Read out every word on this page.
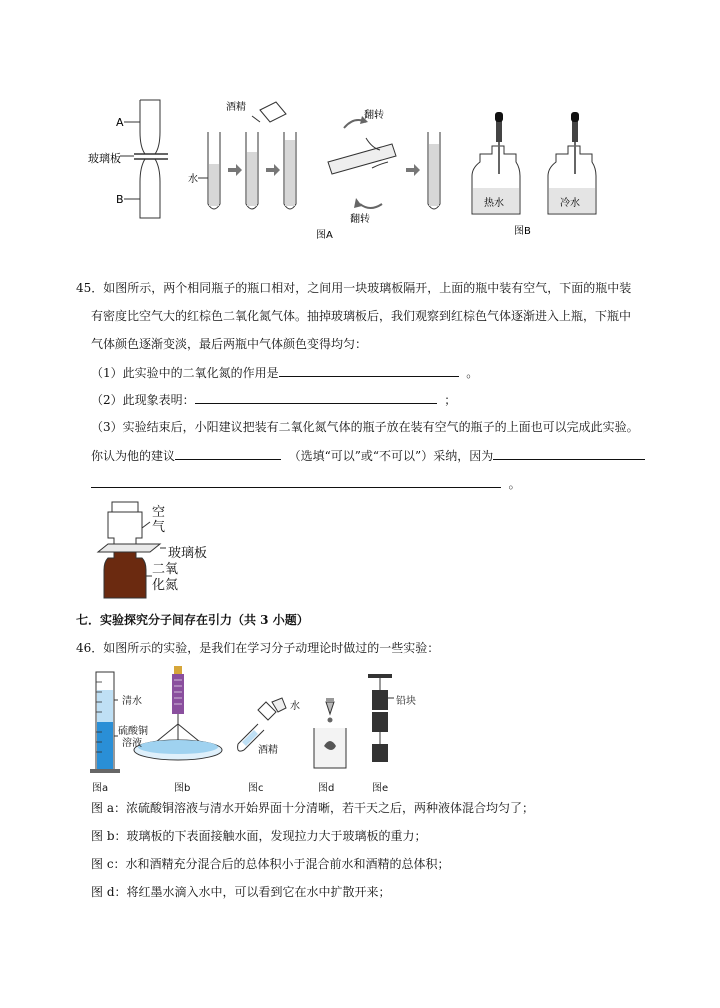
A
玻璃板
B
水
酒精
翻转
翻转
热水	冷水
图A	图B
45．如图所示，两个相同瓶子的瓶口相对，之间用一块玻璃板隔开，上面的瓶中装有空气，下面的瓶中装
有密度比空气大的红棕色二氧化氮气体。抽掉玻璃板后，我们观察到红棕色气体逐渐进入上瓶，下瓶中
气体颜色逐渐变淡，最后两瓶中气体颜色变得均匀：
（1）此实验中的二氧化氮的作用是	。
（2）此现象表明：	；
（3）实验结束后，小阳建议把装有二氧化氮气体的瓶子放在装有空气的瓶子的上面也可以完成此实验。
你认为他的建议	（选填“可以”或“不可以”）采纳，因为
。
空气
玻璃板
二氧化氮
七．实验探究分子间存在引力（共 3 小题）
46．如图所示的实验，是我们在学习分子动理论时做过的一些实验：
清水
硫酸铜
溶液
水
酒精
铅块
图a	图b	图c	图d	图e
图 a：浓硫酸铜溶液与清水开始界面十分清晰，若干天之后，两种液体混合均匀了；
图 b：玻璃板的下表面接触水面，发现拉力大于玻璃板的重力；
图 c：水和酒精充分混合后的总体积小于混合前水和酒精的总体积；
图 d：将红墨水滴入水中，可以看到它在水中扩散开来；
